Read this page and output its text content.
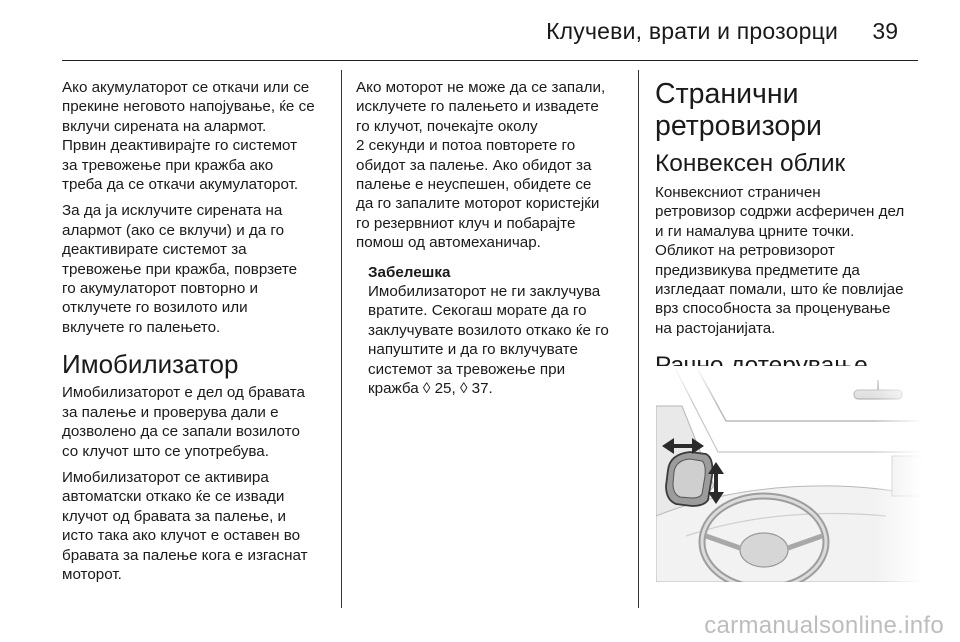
Клучеви, врати и прозорци 39

Ако акумулаторот се откачи или се
прекине неговото напојување, ќе се
вклучи сирената на алармот.
Првин деактивирајте го системот
за тревожење при кражба ако
треба да се откачи акумулаторот.

За да ја исклучите сирената на
алармот (ако се вклучи) и да го
деактивирате системот за
тревожење при кражба, поврзете
го акумулаторот повторно и
отклучете го возилото или
вклучете го палењето.

Имобилизатор

Имобилизаторот е дел од бравата
за палење и проверува дали е
дозволено да се запали возилото
со клучот што се употребува.

Имобилизаторот се активира
автоматски откако ќе се извади
клучот од бравата за палење, и
исто така ако клучот е оставен во
бравата за палење кога е изгаснат
моторот.

Ако моторот не може да се запали,
исклучете го палењето и извадете
го клучот, почекајте околу
2 секунди и потоа повторете го
обидот за палење. Ако обидот за
палење е неуспешен, обидете се
да го запалите моторот користејќи
го резервниот клуч и побарајте
помош од автомеханичар.

Забелешка

Имобилизаторот не ги заклучува
вратите. Секогаш морате да го
заклучувате возилото откако ќе го
напуштите и да го вклучувате
системот за тревожење при
кражба ◊ 25, ◊ 37.

Странични
ретровизори
Конвексен облик

Конвексниот страничен
ретровизор содржи асферичен дел
и ги намалува црните точки.
Обликот на ретровизорот
предизвикува предметите да
изгледаат помали, што ќе повлијае
врз способноста за проценување
на растојанијата.

carmanualsonline.info
